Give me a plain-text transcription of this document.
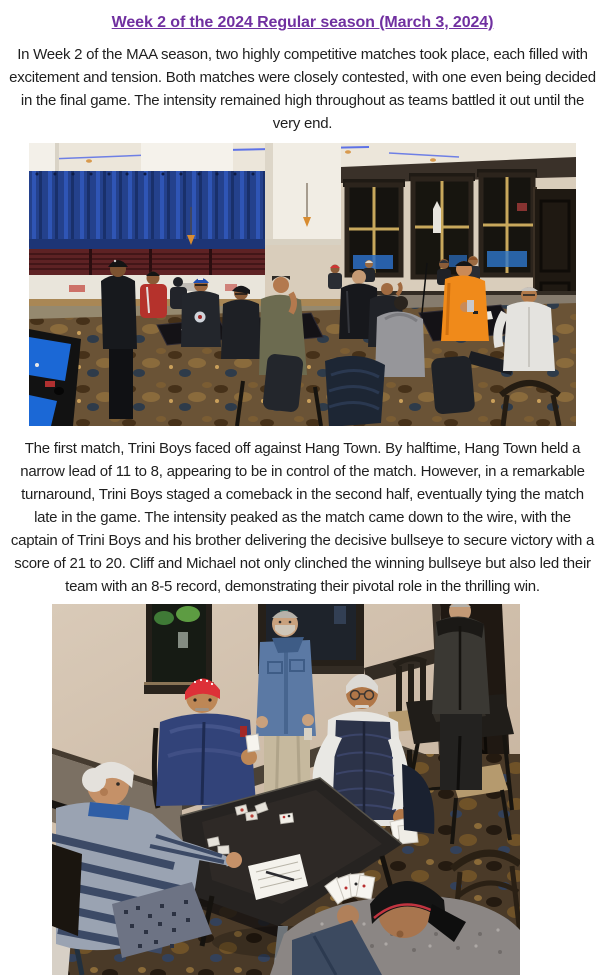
Week 2 of the 2024 Regular season (March 3, 2024)

In Week 2 of the MAA season, two highly competitive matches took place, each filled with excitement and tension. Both matches were closely contested, with one even being decided in the final game. The intensity remained high throughout as teams battled it out until the very end.

The first match, Trini Boys faced off against Hang Town. By halftime, Hang Town held a narrow lead of 11 to 8, appearing to be in control of the match. However, in a remarkable turnaround, Trini Boys staged a comeback in the second half, eventually tying the match late in the game. The intensity peaked as the match came down to the wire, with the captain of Trini Boys and his brother delivering the decisive bullseye to secure victory with a score of 21 to 20. Cliff and Michael not only clinched the winning bullseye but also led their team with an 8-5 record, demonstrating their pivotal role in the thrilling win.
